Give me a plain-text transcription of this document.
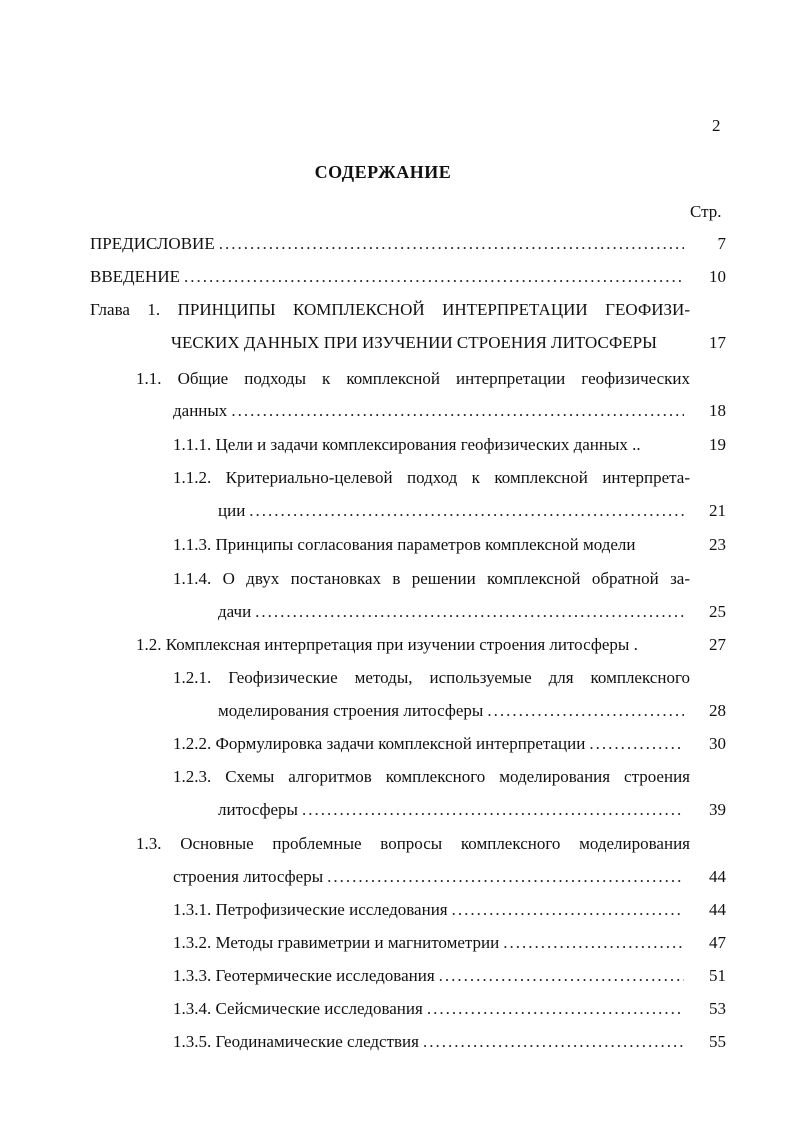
2
СОДЕРЖАНИЕ
Стр.
ПРЕДИСЛОВИЕ .....	7
ВВЕДЕНИЕ .....	10
Глава 1. ПРИНЦИПЫ КОМПЛЕКСНОЙ ИНТЕРПРЕТАЦИИ ГЕОФИЗИ-
ЧЕСКИХ ДАННЫХ ПРИ ИЗУЧЕНИИ СТРОЕНИЯ ЛИТОСФЕРЫ	17
1.1. Общие подходы к комплексной интерпретации геофизических
данных .....	18
1.1.1. Цели и задачи комплексирования геофизических данных ..	19
1.1.2. Критериально-целевой подход к комплексной интерпрета-
ции .....	21
1.1.3. Принципы согласования параметров комплексной модели	23
1.1.4. О двух постановках в решении комплексной обратной за-
дачи .....	25
1.2. Комплексная интерпретация при изучении строения литосферы .	27
1.2.1. Геофизические методы, используемые для комплексного
моделирования строения литосферы .....	28
1.2.2. Формулировка задачи комплексной интерпретации .....	30
1.2.3. Схемы алгоритмов комплексного моделирования строения
литосферы .....	39
1.3. Основные проблемные вопросы комплексного моделирования
строения литосферы .....	44
1.3.1. Петрофизические исследования .....	44
1.3.2. Методы гравиметрии и магнитометрии .....	47
1.3.3. Геотермические исследования .....	51
1.3.4. Сейсмические исследования .....	53
1.3.5. Геодинамические следствия .....	55
